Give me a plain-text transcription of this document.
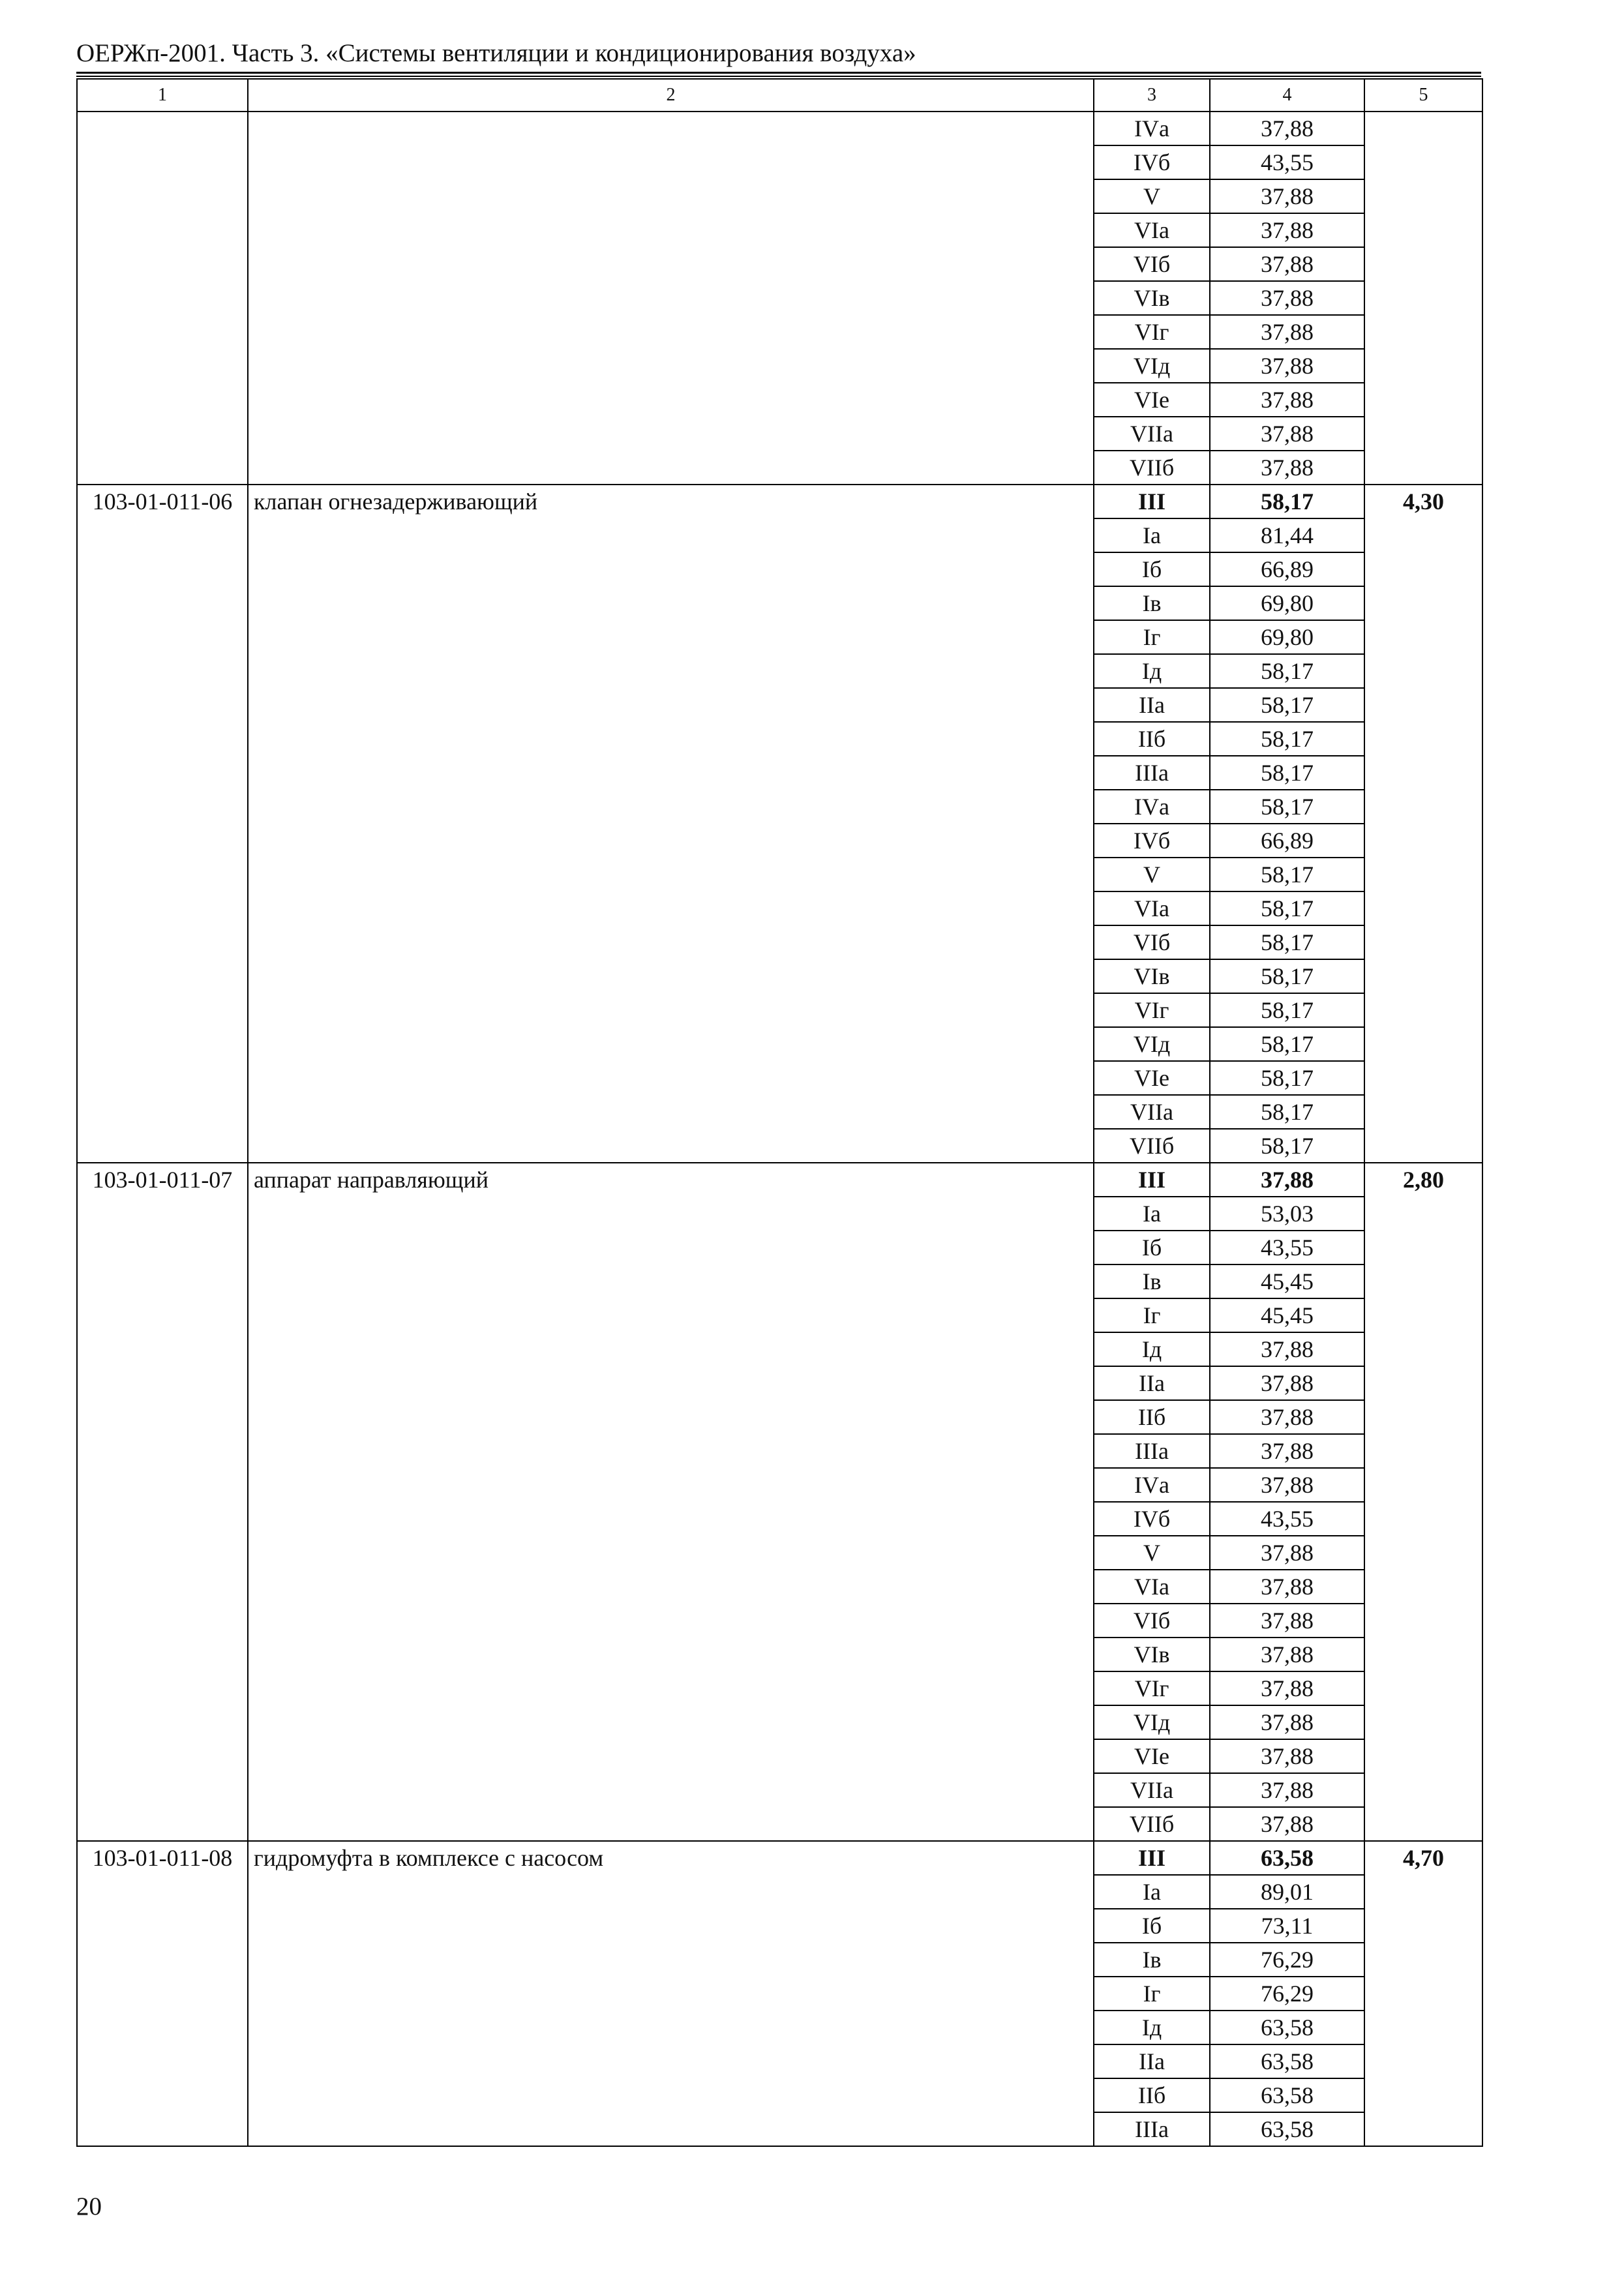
ОЕРЖп-2001. Часть 3. «Системы вентиляции и кондиционирования воздуха»
1	2	3	4	5
		IVа	37,88	
		IVб	43,55	
		V	37,88	
		VIа	37,88	
		VIб	37,88	
		VIв	37,88	
		VIг	37,88	
		VIд	37,88	
		VIе	37,88	
		VIIа	37,88	
		VIIб	37,88	
103-01-011-06	клапан огнезадерживающий	III	58,17	4,30
		Iа	81,44	
		Iб	66,89	
		Iв	69,80	
		Iг	69,80	
		Iд	58,17	
		IIа	58,17	
		IIб	58,17	
		IIIа	58,17	
		IVа	58,17	
		IVб	66,89	
		V	58,17	
		VIа	58,17	
		VIб	58,17	
		VIв	58,17	
		VIг	58,17	
		VIд	58,17	
		VIе	58,17	
		VIIа	58,17	
		VIIб	58,17	
103-01-011-07	аппарат направляющий	III	37,88	2,80
		Iа	53,03	
		Iб	43,55	
		Iв	45,45	
		Iг	45,45	
		Iд	37,88	
		IIа	37,88	
		IIб	37,88	
		IIIа	37,88	
		IVа	37,88	
		IVб	43,55	
		V	37,88	
		VIа	37,88	
		VIб	37,88	
		VIв	37,88	
		VIг	37,88	
		VIд	37,88	
		VIе	37,88	
		VIIа	37,88	
		VIIб	37,88	
103-01-011-08	гидромуфта в комплексе с насосом	III	63,58	4,70
		Iа	89,01	
		Iб	73,11	
		Iв	76,29	
		Iг	76,29	
		Iд	63,58	
		IIа	63,58	
		IIб	63,58	
		IIIа	63,58	
20
